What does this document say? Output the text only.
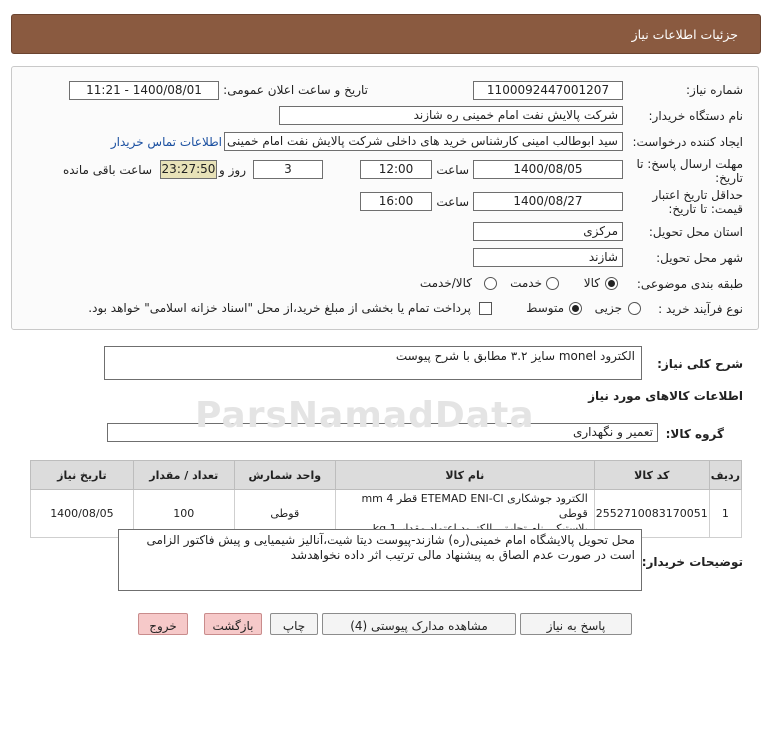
جزئیات اطلاعات نیاز
شماره نیاز:
1100092447001207
تاریخ و ساعت اعلان عمومی:
1400/08/01 - 11:21
نام دستگاه خریدار:
شرکت پالایش نفت امام خمینی ره شازند
ایجاد کننده درخواست:
سید ابوطالب امینی کارشناس خرید های داخلی شرکت پالایش نفت امام خمینی
اطلاعات تماس خریدار
مهلت ارسال پاسخ: تا
تاریخ:
1400/08/05
ساعت
12:00
3
روز و
23:27:50
ساعت باقی مانده
حداقل تاریخ اعتبار
قیمت: تا تاریخ:
1400/08/27
ساعت
16:00
استان محل تحویل:
مرکزی
شهر محل تحویل:
شازند
طبقه بندی موضوعی:
کالا
خدمت
کالا/خدمت
نوع فرآیند خرید :
جزیی
متوسط
پرداخت تمام یا بخشی از مبلغ خرید،از محل "اسناد خزانه اسلامی" خواهد بود.
شرح کلی نیاز:
الکترود monel سایز ۳.۲ مطابق با شرح پیوست
اطلاعات کالاهای مورد نیاز
گروه کالا:
تعمیر و نگهداری
ردیف	کد کالا	نام کالا	واحد شمارش	تعداد / مقدار	تاریخ نیاز
1	2552710083170051	الکترود جوشکاری ETEMAD ENI-CI قطر 4 mm قوطی	قوطی	100	1400/08/05
توضیحات خریدار:
محل تحویل پالایشگاه امام خمینی(ره) شازند-پیوست دیتا شیت،آنالیز شیمیایی و پیش فاکتور الزامی است در صورت عدم الصاق به پیشنهاد مالی ترتیب اثر داده نخواهدشد
پاسخ به نیاز
مشاهده مدارک پیوستی (4)
چاپ
بازگشت
خروج
ParsNamadData
